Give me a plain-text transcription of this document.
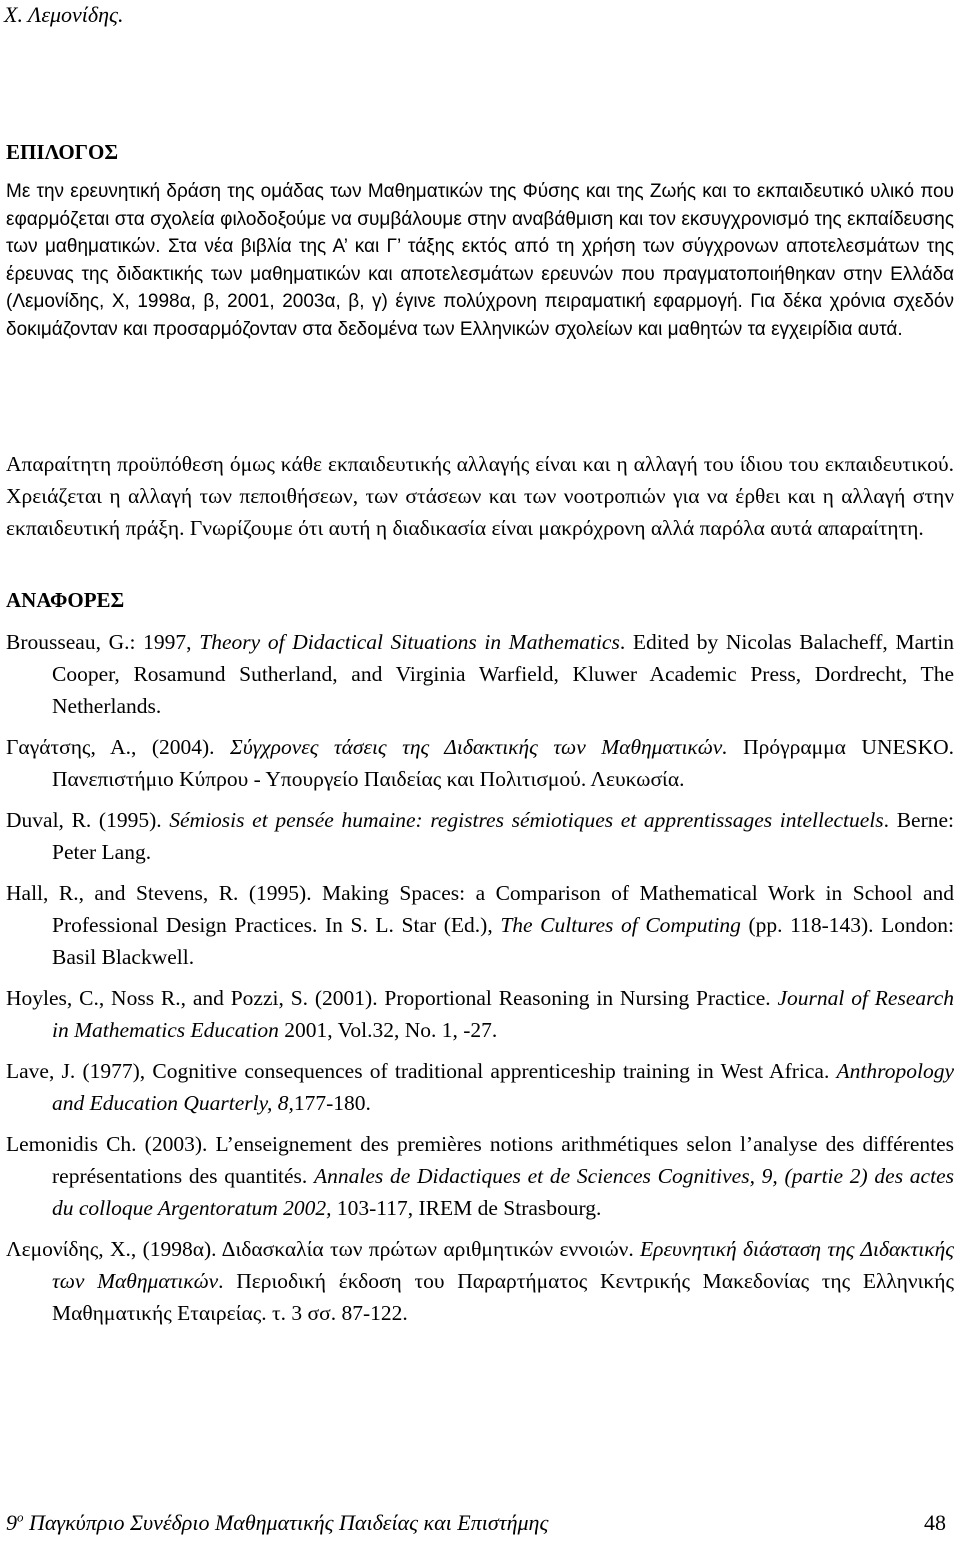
Χ. Λεμονίδης.
ΕΠΙΛΟΓΟΣ

Με την ερευνητική δράση της ομάδας των Μαθηματικών της Φύσης και της Ζωής και το εκπαιδευτικό υλικό που εφαρμόζεται στα σχολεία φιλοδοξούμε να συμβάλουμε στην αναβάθμιση και τον εκσυγχρονισμό της εκπαίδευσης των μαθηματικών. Στα νέα βιβλία της Α’ και Γ’ τάξης εκτός από τη χρήση των σύγχρονων αποτελεσμάτων της έρευνας της διδακτικής των μαθηματικών και αποτελεσμάτων ερευνών που πραγματοποιήθηκαν στην Ελλάδα (Λεμονίδης, Χ, 1998α, β, 2001, 2003α, β, γ) έγινε πολύχρονη πειραματική εφαρμογή. Για δέκα χρόνια σχεδόν δοκιμάζονταν και προσαρμόζονταν στα δεδομένα των Ελληνικών σχολείων και μαθητών τα εγχειρίδια αυτά.

Απαραίτητη προϋπόθεση όμως κάθε εκπαιδευτικής αλλαγής είναι και η αλλαγή του ίδιου του εκπαιδευτικού. Χρειάζεται η αλλαγή των πεποιθήσεων, των στάσεων και των νοοτροπιών για να έρθει και η αλλαγή στην εκπαιδευτική πράξη. Γνωρίζουμε ότι αυτή η διαδικασία είναι μακρόχρονη αλλά παρόλα αυτά απαραίτητη.

ΑΝΑΦΟΡΕΣ

Brousseau, G.: 1997, Theory of Didactical Situations in Mathematics. Edited by Nicolas Balacheff, Martin Cooper, Rosamund Sutherland, and Virginia Warfield, Kluwer Academic Press, Dordrecht, The Netherlands.

Γαγάτσης, Α., (2004). Σύγχρονες τάσεις της Διδακτικής των Μαθηματικών. Πρόγραμμα UNESKO. Πανεπιστήμιο Κύπρου - Υπουργείο Παιδείας και Πολιτισμού. Λευκωσία.

Duval, R. (1995). Sémiosis et pensée humaine: registres sémiotiques et apprentissages intellectuels. Berne: Peter Lang.

Hall, R., and Stevens, R. (1995). Making Spaces: a Comparison of Mathematical Work in School and Professional Design Practices. In S. L. Star (Ed.), The Cultures of Computing (pp. 118-143). London: Basil Blackwell.

Hoyles, C., Noss R., and Pozzi, S. (2001). Proportional Reasoning in Nursing Practice. Journal of Research in Mathematics Education 2001, Vol.32, No. 1, -27.

Lave, J. (1977), Cognitive consequences of traditional apprenticeship training in West Africa. Anthropology and Education Quarterly, 8,177-180.

Lemonidis Ch. (2003). L’enseignement des premières notions arithmétiques selon l’analyse des différentes représentations des quantités. Annales de Didactiques et de Sciences Cognitives, 9, (partie 2) des actes du colloque Argentoratum 2002, 103-117, IREM de Strasbourg.

Λεμονίδης, Χ., (1998α). Διδασκαλία των πρώτων αριθμητικών εννοιών. Ερευνητική διάσταση της Διδακτικής των Μαθηματικών. Περιοδική έκδοση του Παραρτήματος Κεντρικής Μακεδονίας της Ελληνικής Μαθηματικής Εταιρείας. τ. 3 σσ. 87-122.

$9^o$ Παγκύπριο Συνέδριο Μαθηματικής Παιδείας και Επιστήμης	48
